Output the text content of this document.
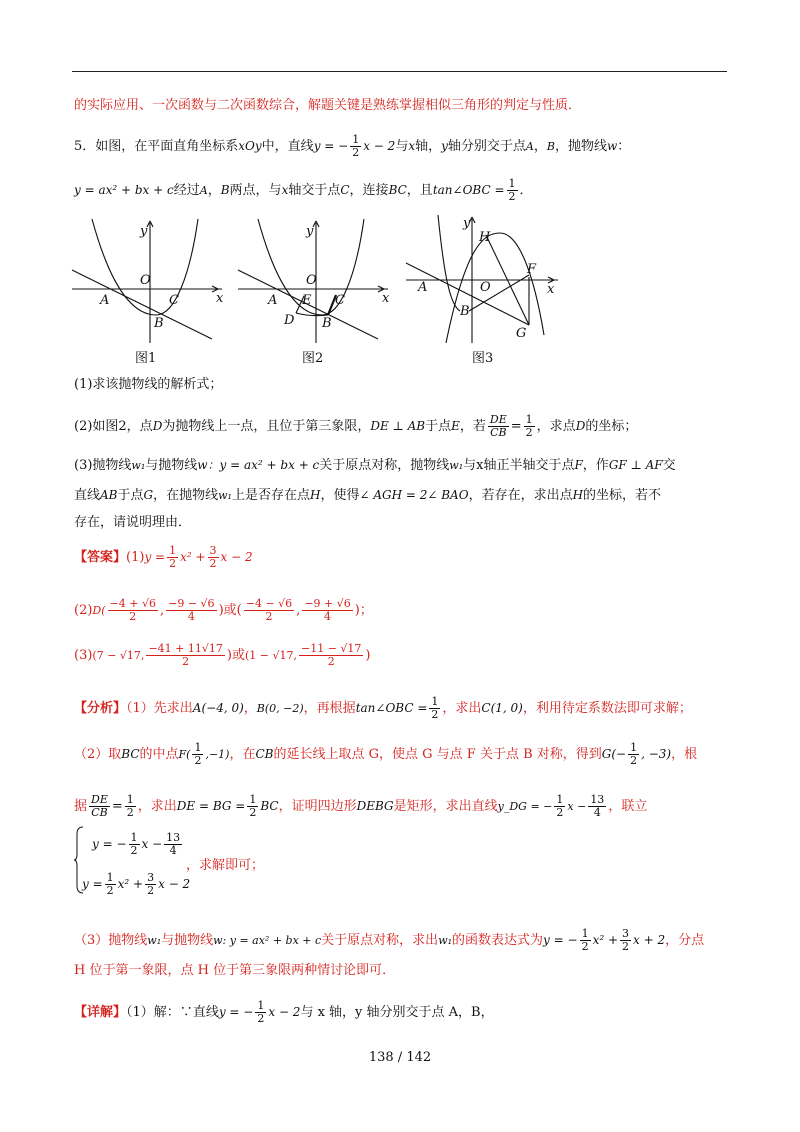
的实际应用、一次函数与二次函数综合，解题关键是熟练掌握相似三角形的判定与性质．
5．如图，在平面直角坐标系xOy中，直线y = − $\frac{1}{2}$ x − 2与x轴，y轴分别交于点A，B，抛物线w：
y = ax² + bx + c经过A，B两点，与x轴交于点C，连接BC，且tan∠OBC = $\frac{1}{2}$ ．
y
x
O
A	C
B
图1
y
x
O
A E C
D B
图2
y
H
x
O
A
F
B
G
图3
(1)求该抛物线的解析式；
(2)如图2，点D为抛物线上一点，且位于第三象限，DE ⊥ AB于点E，若 $\frac{DE}{CB} = \frac{1}{2}$ ，求点D的坐标；
(3)抛物线w₁与抛物线w：y = ax² + bx + c关于原点对称，抛物线w₁与x轴正半轴交于点F，作GF ⊥ AF交
直线AB于点G，在抛物线w₁上是否存在点H，使得∠ AGH = 2∠ BAO，若存在，求出点H的坐标，若不
存在，请说明理由．
【答案】$(1)y = \frac{1}{2} x^2 + \frac{3}{2}$ x − 2
$(2)D( \frac{-4 + √6}{2}$ , $\frac{-9 - √6}{4}$ )或( $\frac{-4 - √6}{2}$ , $\frac{-9 + √6}{4}$ )；
(3)(7 − √17, $\frac{-41 + 11√17}{2}$ )或(1 − √17, $\frac{-11 - √17}{2}$ )
【分析】（1）先求出A(−4, 0)，B(0, −2)，再根据tan∠OBC = $\frac{1}{2}$ ，求出C(1, 0)，利用待定系数法即可求解；
（2）取BC的中点$F( \frac{1}{2} ,-1)$，在CB的延长线上取点 G，使点 G 与点 F 关于点 B 对称，得到$G(- \frac{1}{2}$ , −3)，根
据 $\frac{DE}{CB} = \frac{1}{2}$ ，求出DE = BG = $\frac{1}{2}$ BC，证明四边形DEBG是矩形，求出直线y_DG = − $\frac{1}{2}$ $x - \frac{13}{4}$ ，联立
y = − $\frac{1}{2}$ $x - \frac{13}{4}$
$y = \frac{1}{2} x^2 + \frac{3}{2}$ x − 2
，求解即可；
（3）抛物线w₁与抛物线w: y = ax² + bx + c关于原点对称，求出w₁的函数表达式为y = − $\frac{1}{2} x^2 + \frac{3}{2}$ x + 2，分点
H 位于第一象限，点 H 位于第三象限两种情讨论即可．
【详解】（1）解：∵直线y = − $\frac{1}{2}$ x − 2与 x 轴，y 轴分别交于点 A，B，
138 / 142
